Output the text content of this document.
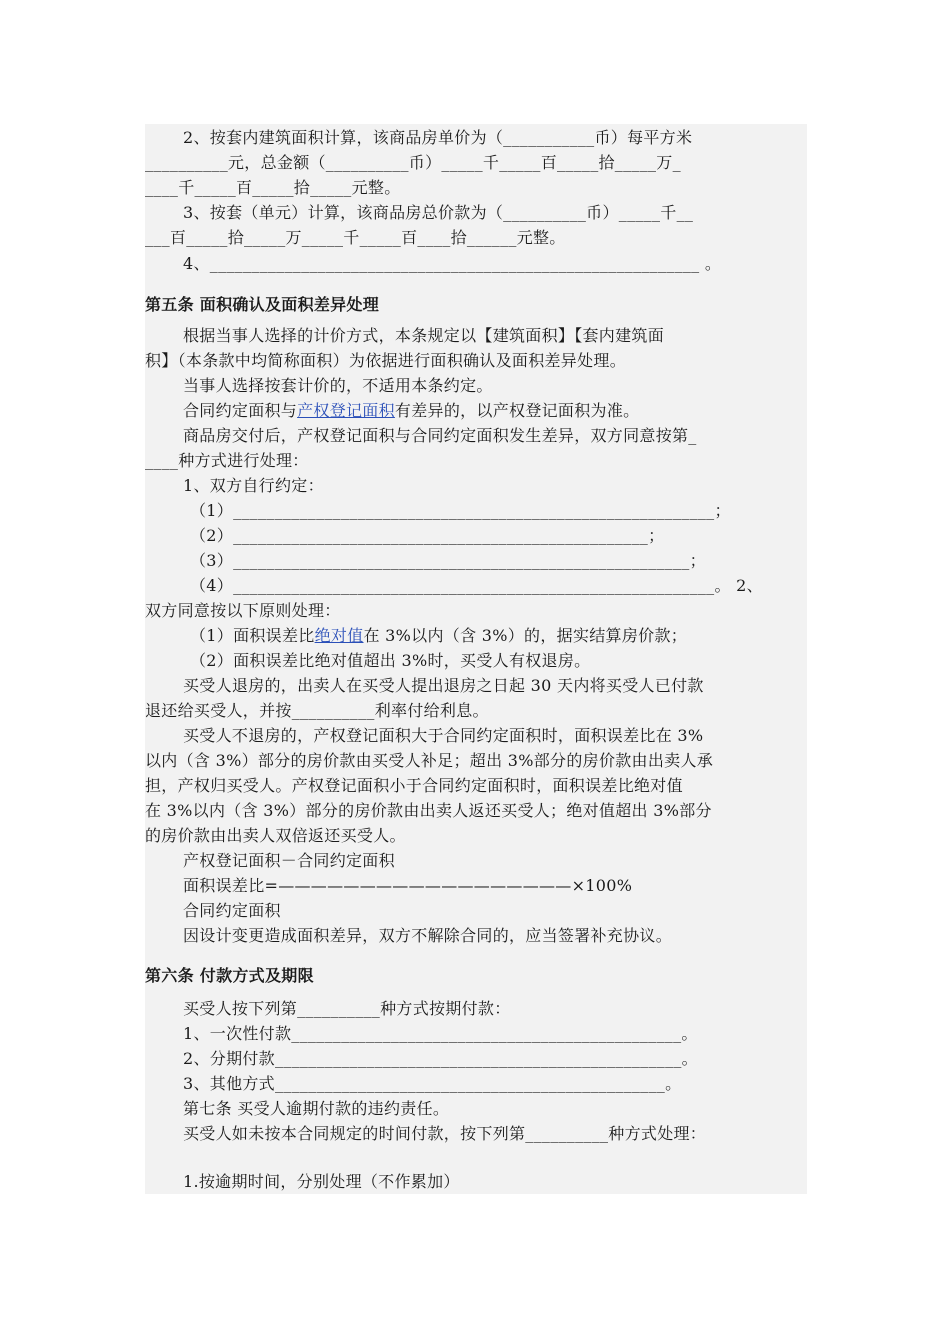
2、按套内建筑面积计算，该商品房单价为（___________币）每平方米
__________元，总金额（__________币）_____千_____百_____拾_____万_
____千_____百_____拾_____元整。
3、按套（单元）计算，该商品房总价款为（__________币）_____千__
___百_____拾_____万_____千_____百____拾______元整。
4、___________________________________________________________ 。
第五条 面积确认及面积差异处理
根据当事人选择的计价方式，本条规定以【建筑面积】【套内建筑面
积】（本条款中均简称面积）为依据进行面积确认及面积差异处理。
当事人选择按套计价的，不适用本条约定。
合同约定面积与产权登记面积有差异的，以产权登记面积为准。
商品房交付后，产权登记面积与合同约定面积发生差异，双方同意按第_
____种方式进行处理：
1、双方自行约定：
（1）__________________________________________________________；
（2）__________________________________________________；
（3）_______________________________________________________；
（4）__________________________________________________________。 2、
双方同意按以下原则处理：
（1）面积误差比绝对值在 3%以内（含 3%）的，据实结算房价款；
（2）面积误差比绝对值超出 3%时，买受人有权退房。
买受人退房的，出卖人在买受人提出退房之日起 30 天内将买受人已付款
退还给买受人，并按__________利率付给利息。
买受人不退房的，产权登记面积大于合同约定面积时，面积误差比在 3%
以内（含 3%）部分的房价款由买受人补足；超出 3%部分的房价款由出卖人承
担，产权归买受人。产权登记面积小于合同约定面积时，面积误差比绝对值
在 3%以内（含 3%）部分的房价款由出卖人返还买受人；绝对值超出 3%部分
的房价款由出卖人双倍返还买受人。
产权登记面积－合同约定面积
面积误差比=——————————————————×100%
合同约定面积
因设计变更造成面积差异，双方不解除合同的，应当签署补充协议。
第六条 付款方式及期限
买受人按下列第__________种方式按期付款：
1、一次性付款_______________________________________________。
2、分期付款_________________________________________________。
3、其他方式_______________________________________________。
第七条 买受人逾期付款的违约责任。
买受人如未按本合同规定的时间付款，按下列第__________种方式处理：
1.按逾期时间，分别处理（不作累加）
